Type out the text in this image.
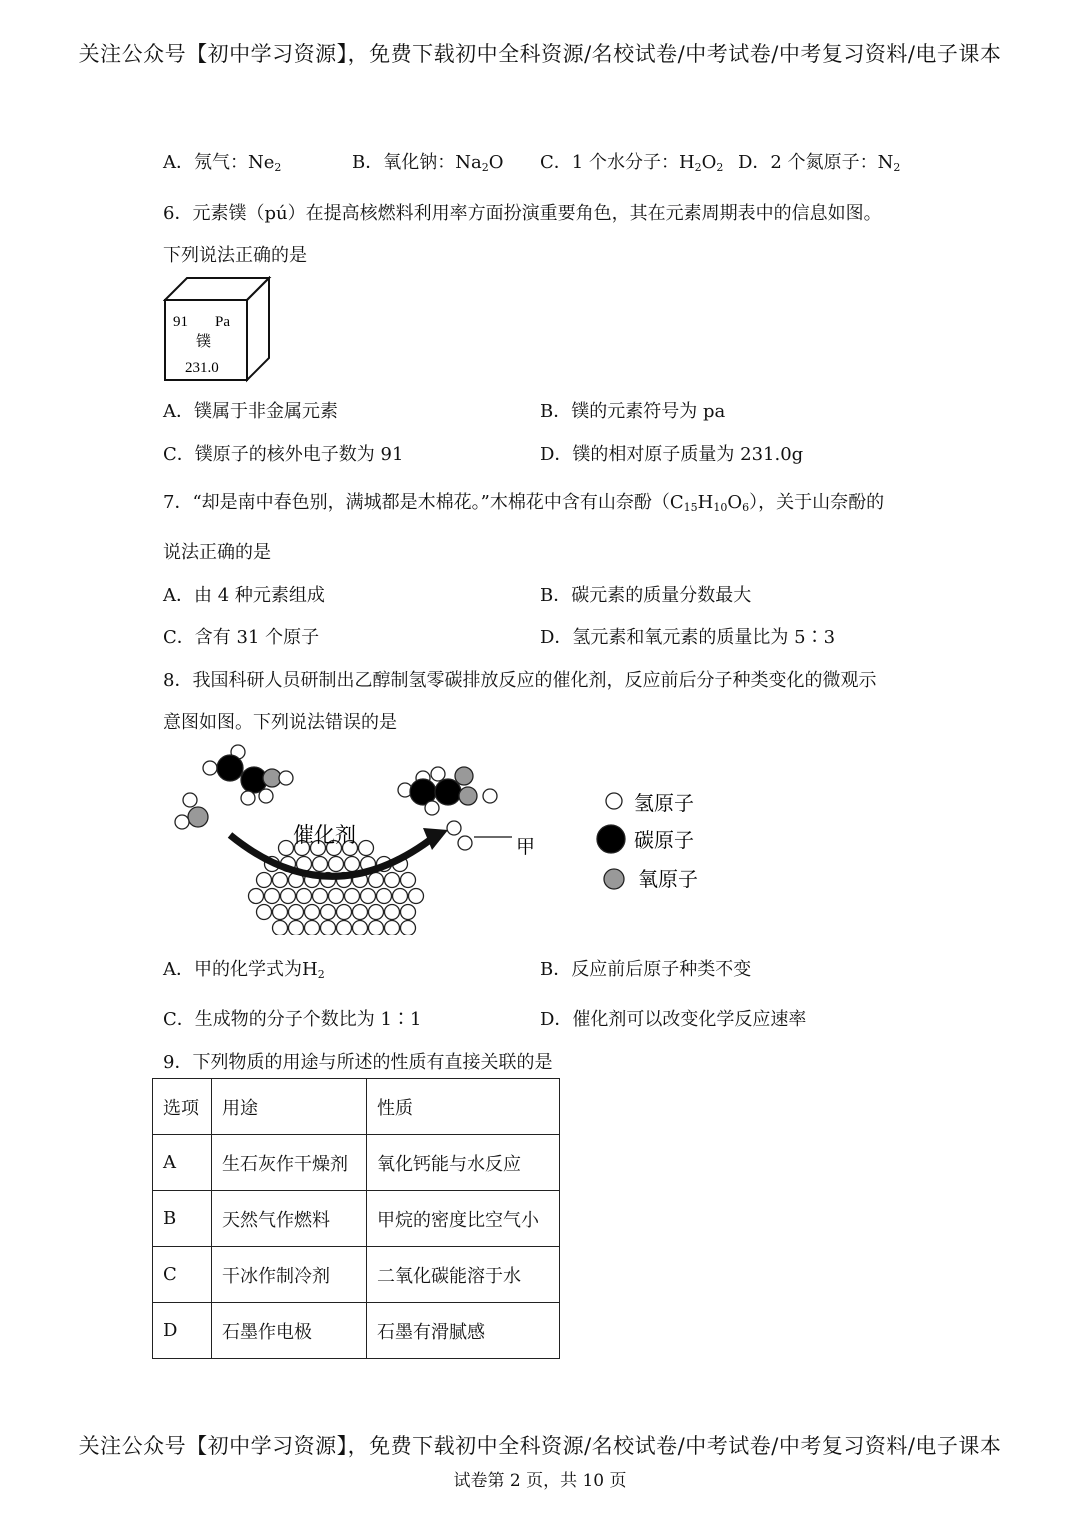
关注公众号【初中学习资源】，免费下载初中全科资源/名校试卷/中考试卷/中考复习资料/电子课本
A．氖气：$Ne_2$	B．氧化钠：$Na_2O$ C．1 个水分子：$H_2O_2$ D．2 个氮原子：$N_2$
6．元素镤（pú）在提高核燃料利用率方面扮演重要角色，其在元素周期表中的信息如图。
下列说法正确的是
91 Pa
镤
231.0
A．镤属于非金属元素	B．镤的元素符号为 pa
C．镤原子的核外电子数为 91	D．镤的相对原子质量为 231.0g
7．“却是南中春色别，满城都是木棉花。”木棉花中含有山奈酚$(C_{15}H_{10}O_6)$，关于山奈酚的
说法正确的是
A．由 4 种元素组成	B．碳元素的质量分数最大
C．含有 31 个原子	D．氢元素和氧元素的质量比为 5∶3
8．我国科研人员研制出乙醇制氢零碳排放反应的催化剂，反应前后分子种类变化的微观示
意图如图。下列说法错误的是
催化剂	甲
氢原子
碳原子
氧原子
A．甲的化学式为$H_2$	B．反应前后原子种类不变
C．生成物的分子个数比为 1∶1	D．催化剂可以改变化学反应速率
9．下列物质的用途与所述的性质有直接关联的是
选项	用途	性质
A	生石灰作干燥剂	氧化钙能与水反应
B	天然气作燃料	甲烷的密度比空气小
C	干冰作制冷剂	二氧化碳能溶于水
D	石墨作电极	石墨有滑腻感
关注公众号【初中学习资源】，免费下载初中全科资源/名校试卷/中考试卷/中考复习资料/电子课本
试卷第 2 页，共 10 页
